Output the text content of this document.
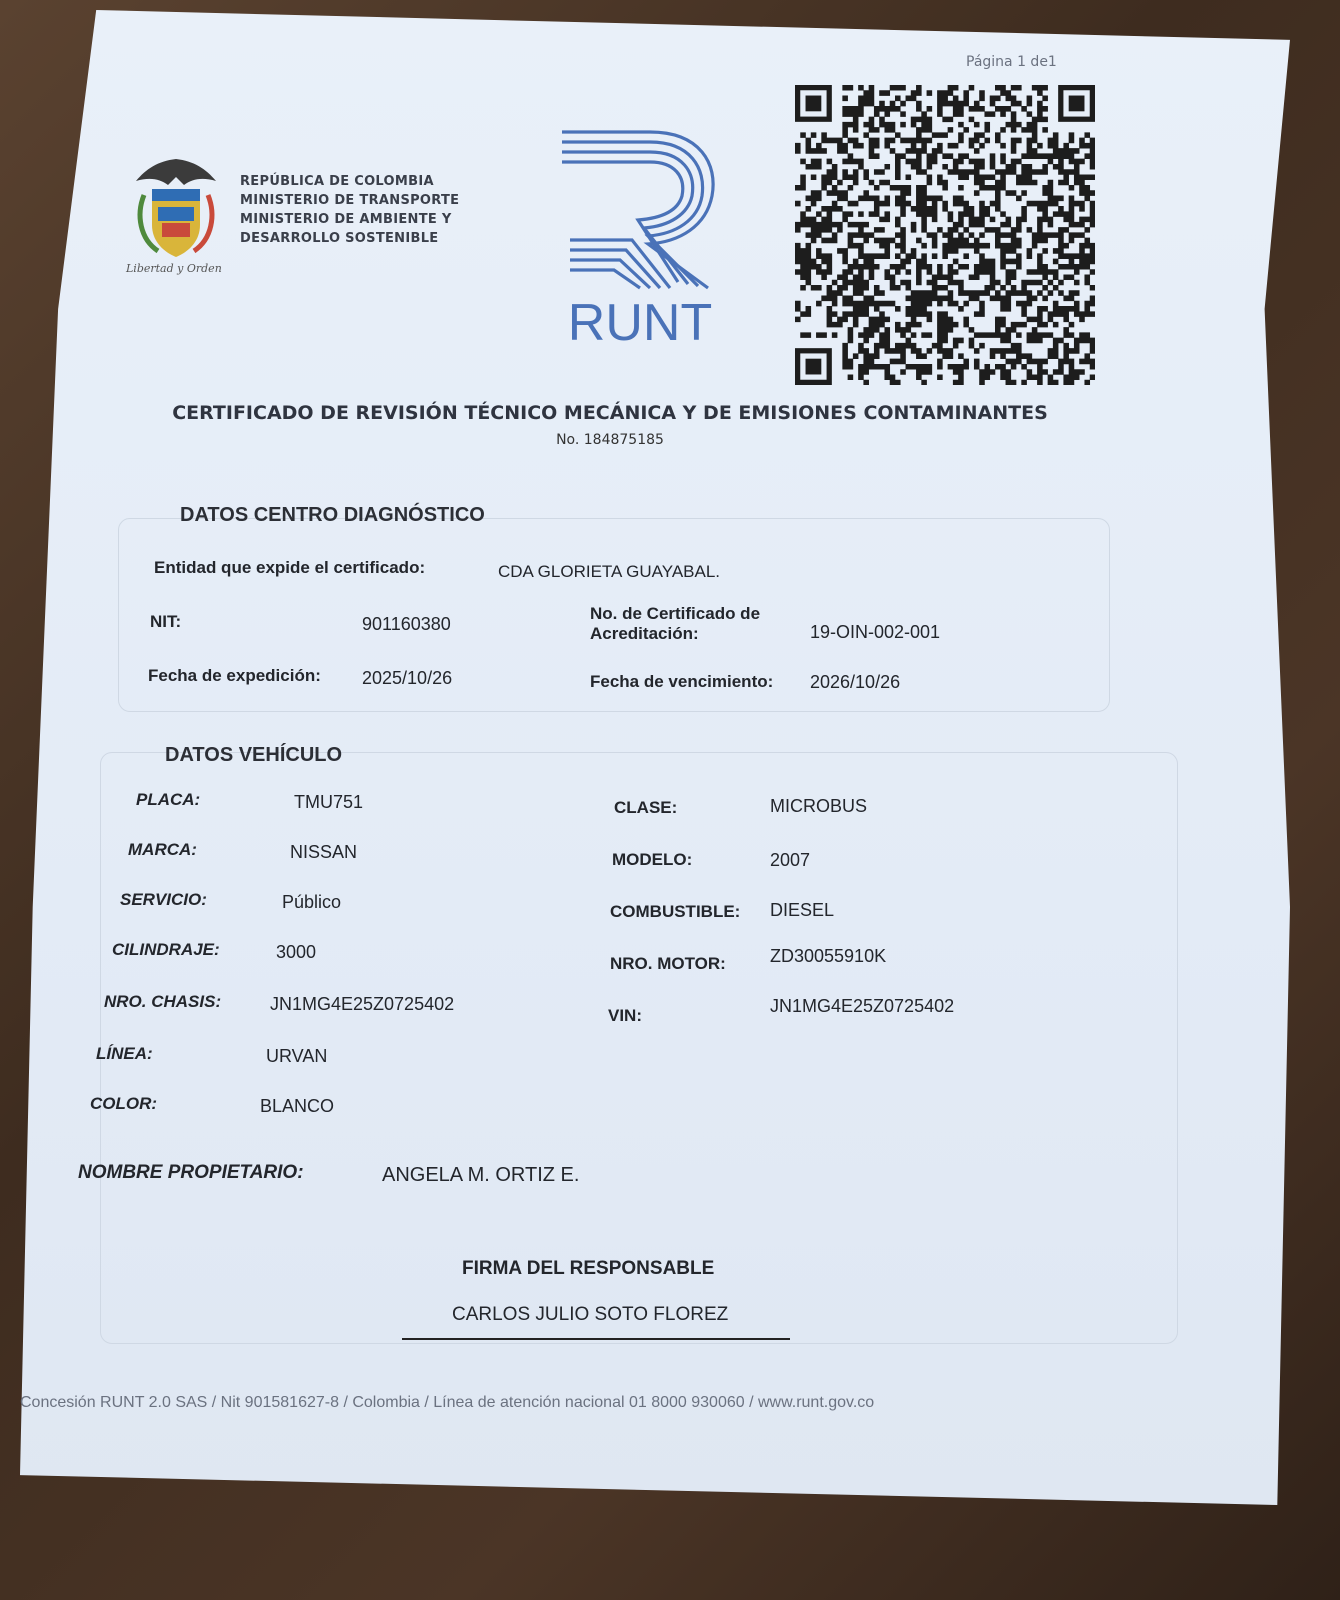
Página 1 de1
Libertad y Orden
REPÚBLICA DE COLOMBIA
MINISTERIO DE TRANSPORTE
MINISTERIO DE AMBIENTE Y
DESARROLLO SOSTENIBLE
RUNT
CERTIFICADO DE REVISIÓN TÉCNICO MECÁNICA Y DE EMISIONES CONTAMINANTES
No. 184875185
DATOS CENTRO DIAGNÓSTICO
Entidad que expide el certificado:	CDA GLORIETA GUAYABAL.
NIT:	901160380
No. de Certificado de
Acreditación:	19-OIN-002-001
Fecha de expedición: 2025/10/26	Fecha de vencimiento: 2026/10/26
DATOS VEHÍCULO
PLACA:	TMU751
MARCA:	NISSAN
SERVICIO:	Público
CILINDRAJE:	3000
NRO. CHASIS:	JN1MG4E25Z0725402
LÍNEA:	URVAN
COLOR:	BLANCO
CLASE:	MICROBUS
MODELO:	2007
COMBUSTIBLE: DIESEL
NRO. MOTOR: ZD30055910K
VIN:	JN1MG4E25Z0725402
NOMBRE PROPIETARIO:	ANGELA M. ORTIZ E.
FIRMA DEL RESPONSABLE
CARLOS JULIO SOTO FLOREZ
Concesión RUNT 2.0 SAS / Nit 901581627-8 / Colombia / Línea de atención nacional 01 8000 930060 / www.runt.gov.co
